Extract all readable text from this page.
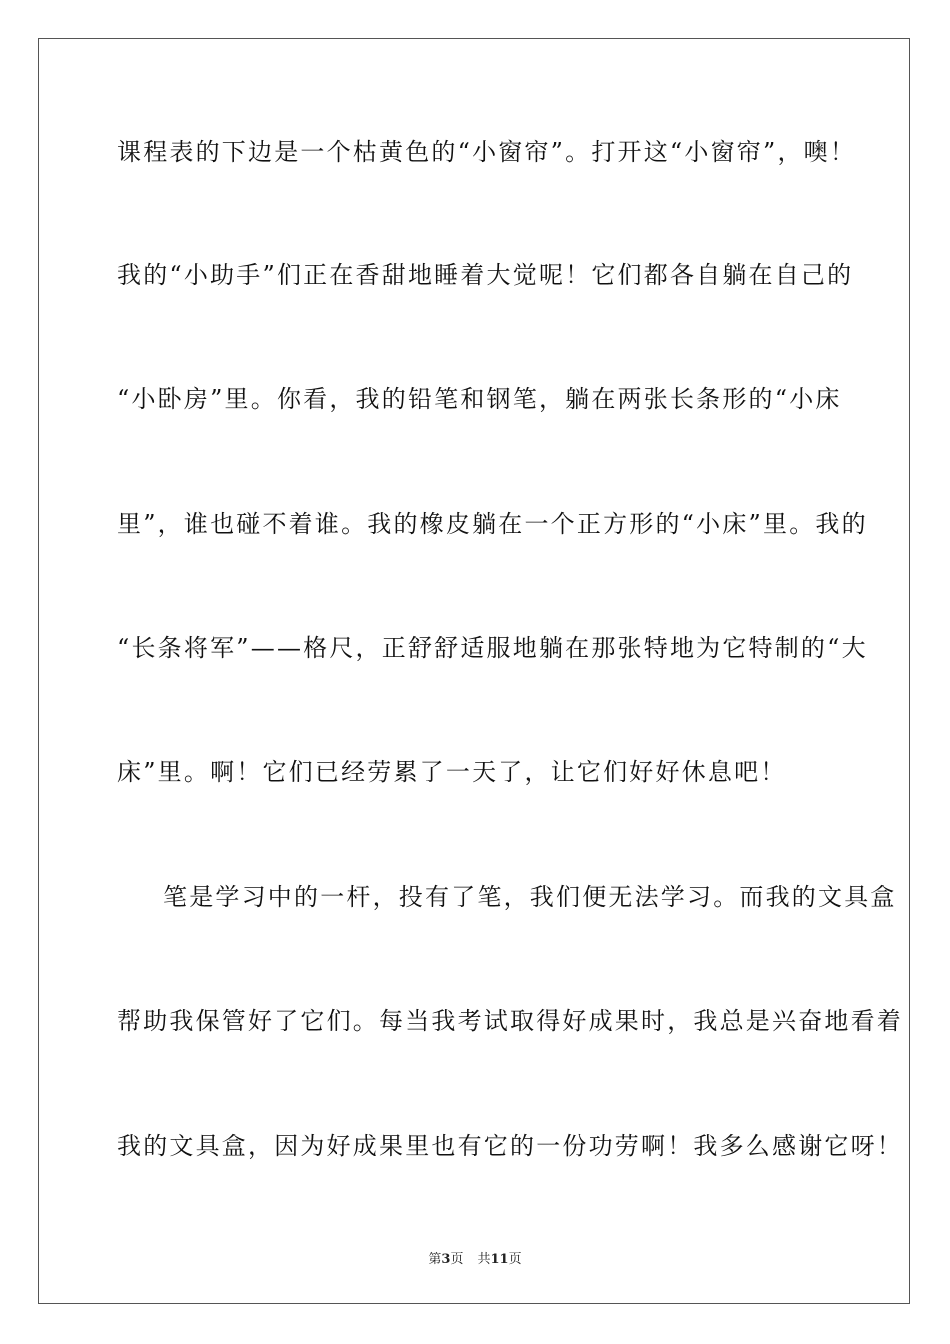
课程表的下边是一个枯黄色的“小窗帘”。打开这“小窗帘”，噢！
我的“小助手”们正在香甜地睡着大觉呢！它们都各自躺在自己的
“小卧房”里。你看，我的铅笔和钢笔，躺在两张长条形的“小床
里”，谁也碰不着谁。我的橡皮躺在一个正方形的“小床”里。我的
“长条将军”——格尺，正舒舒适服地躺在那张特地为它特制的“大
床”里。啊！它们已经劳累了一天了，让它们好好休息吧！
笔是学习中的一杆，投有了笔，我们便无法学习。而我的文具盒
帮助我保管好了它们。每当我考试取得好成果时，我总是兴奋地看着
我的文具盒，因为好成果里也有它的一份功劳啊！我多么感谢它呀！
第3页 共11页
